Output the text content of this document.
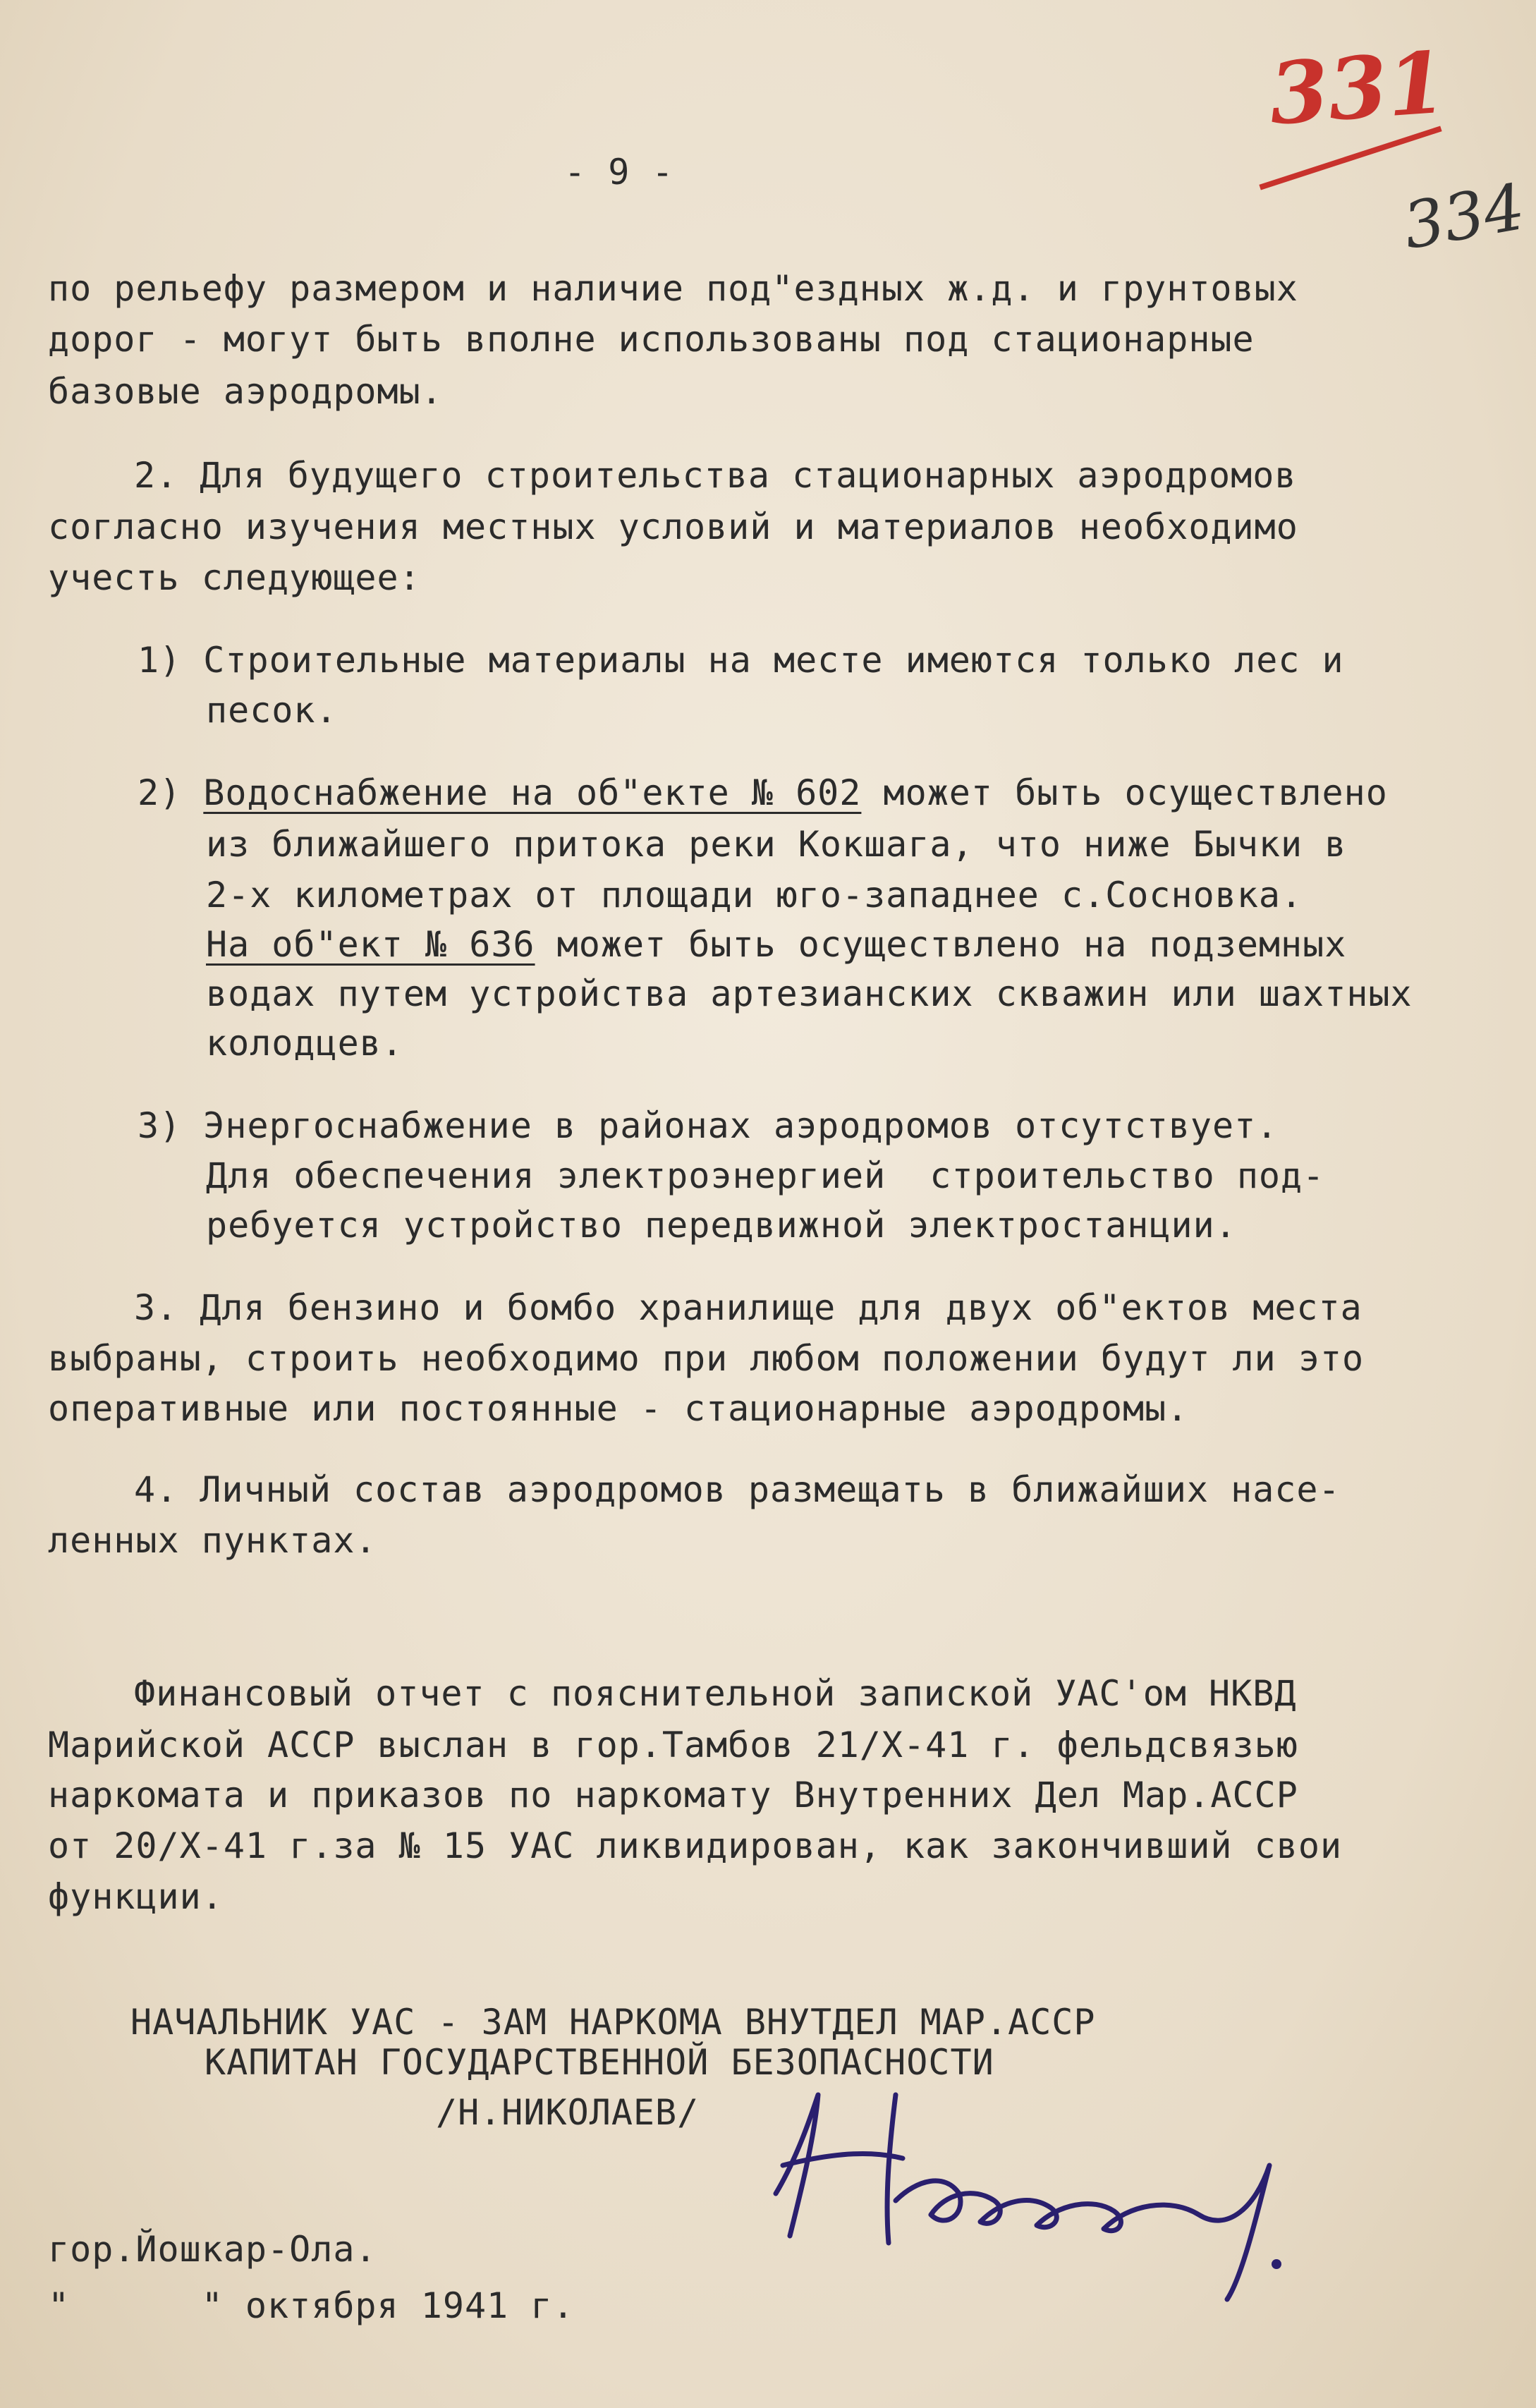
331
334
- 9 -
по рельефу размером и наличие под"ездных ж.д. и грунтовых
дорог - могут быть вполне использованы под стационарные
базовые аэродромы.
2. Для будущего строительства стационарных аэродромов
согласно изучения местных условий и материалов необходимо
учесть следующее:
1) Строительные материалы на месте имеются только лес и
песок.
2) Водоснабжение на об"екте № 602 может быть осуществлено
из ближайшего притока реки Кокшага, что ниже Бычки в
2-х километрах от площади юго-западнее с.Сосновка.
На об"ект № 636 может быть осуществлено на подземных
водах путем устройства артезианских скважин или шахтных
колодцев.
3) Энергоснабжение в районах аэродромов отсутствует.
Для обеспечения электроэнергией  строительство под-
ребуется устройство передвижной электростанции.
3. Для бензино и бомбо хранилище для двух об"ектов места
выбраны, строить необходимо при любом положении будут ли это
оперативные или постоянные - стационарные аэродромы.
4. Личный состав аэродромов размещать в ближайших насе-
ленных пунктах.
Финансовый отчет с пояснительной запиской УАС'ом НКВД
Марийской АССР выслан в гор.Тамбов 21/Х-41 г. фельдсвязью
наркомата и приказов по наркомату Внутренних Дел Мар.АССР
от 20/Х-41 г.за № 15 УАС ликвидирован, как закончивший свои
функции.
НАЧАЛЬНИК УАС - ЗАМ НАРКОМА ВНУТДЕЛ МАР.АССР
КАПИТАН ГОСУДАРСТВЕННОЙ БЕЗОПАСНОСТИ
/Н.НИКОЛАЕВ/
гор.Йошкар-Ола.
"      " октября 1941 г.
